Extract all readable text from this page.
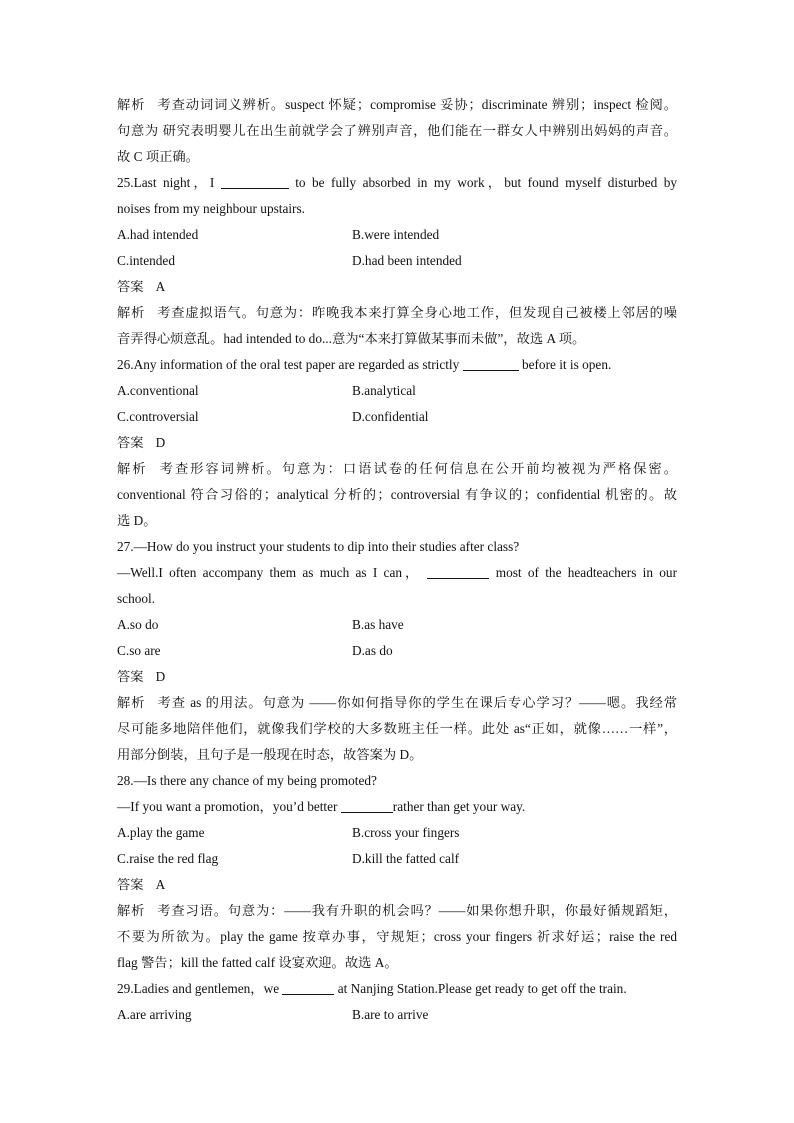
解析 考查动词词义辨析。suspect 怀疑；compromise 妥协；discriminate 辨别；inspect 检阅。
句意为 研究表明婴儿在出生前就学会了辨别声音，他们能在一群女人中辨别出妈妈的声音。
故 C 项正确。
25.Last night，I	to be fully absorbed in my work，but found myself disturbed by
noises from my neighbour upstairs.
A.had intended	B.were intended
C.intended	D.had been intended
答案 A
解析 考查虚拟语气。句意为：昨晚我本来打算全身心地工作，但发现自己被楼上邻居的噪
音弄得心烦意乱。had intended to do...意为“本来打算做某事而未做”，故选 A 项。
26.Any information of the oral test paper are regarded as strictly	before it is open.
A.conventional	B.analytical
C.controversial	D.confidential
答案 D
解析 考查形容词辨析。句意为：口语试卷的任何信息在公开前均被视为严格保密。
conventional 符合习俗的；analytical 分析的；controversial 有争议的；confidential 机密的。故
选 D。
27.—How do you instruct your students to dip into their studies after class?
—Well.I often accompany them as much as I can，	most of the headteachers in our
school.
A.so do	B.as have
C.so are	D.as do
答案 D
解析 考查 as 的用法。句意为 ——你如何指导你的学生在课后专心学习？——嗯。我经常
尽可能多地陪伴他们，就像我们学校的大多数班主任一样。此处 as“正如，就像……一样”，
用部分倒装，且句子是一般现在时态，故答案为 D。
28.—Is there any chance of my being promoted?
—If you want a promotion，you’d better	rather than get your way.
A.play the game	B.cross your fingers
C.raise the red flag	D.kill the fatted calf
答案 A
解析 考查习语。句意为：——我有升职的机会吗？——如果你想升职，你最好循规蹈矩，
不要为所欲为。play the game 按章办事，守规矩；cross your fingers 祈求好运；raise the red
flag 警告；kill the fatted calf 设宴欢迎。故选 A。
29.Ladies and gentlemen，we	at Nanjing Station.Please get ready to get off the train.
A.are arriving	B.are to arrive
